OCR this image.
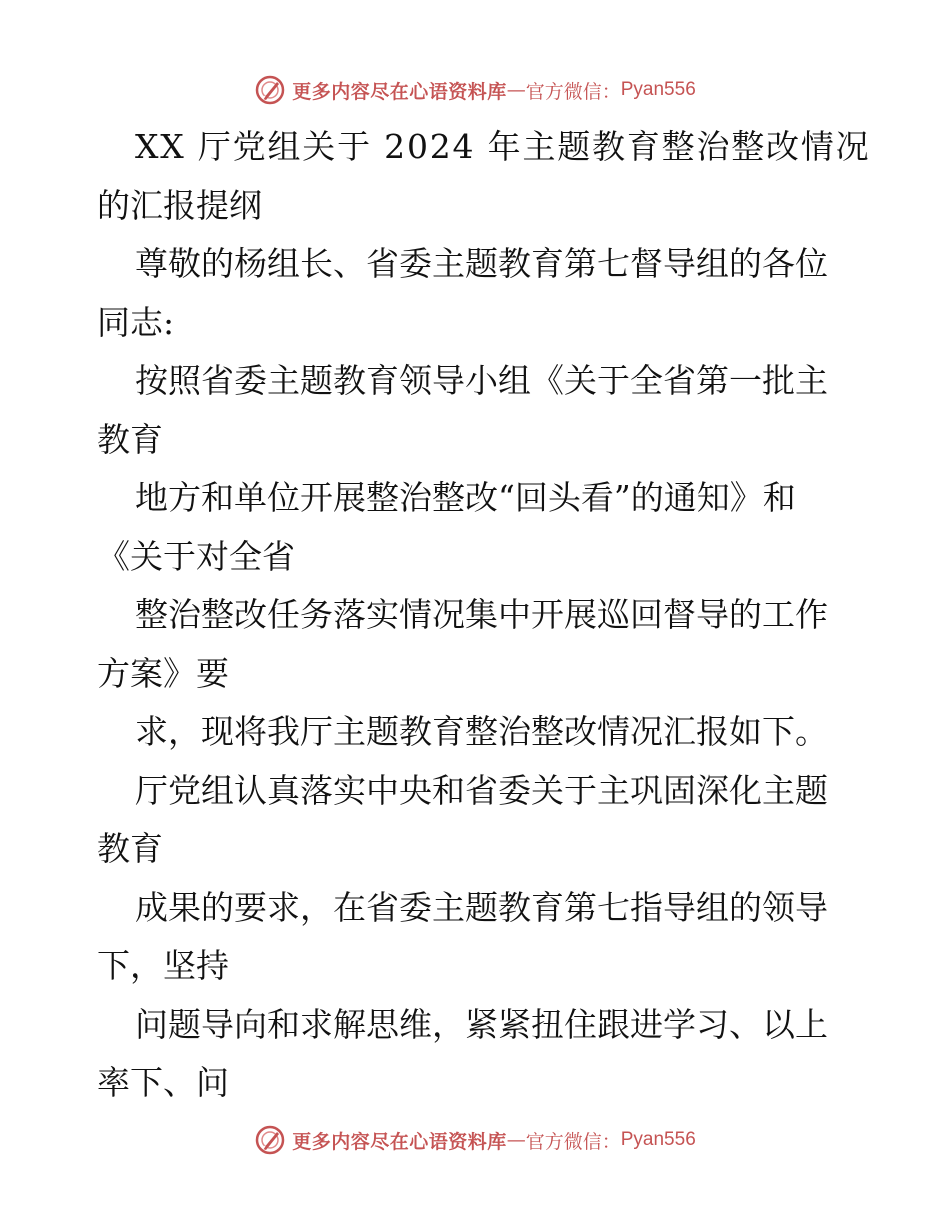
更多内容尽在心语资料库 — 官方微信： Pyan556
XX 厅党组关于 2024 年主题教育整治整改情况
的汇报提纲
尊敬的杨组长、省委主题教育第七督导组的各位
同志:
按照省委主题教育领导小组《关于全省第一批主
教育
地方和单位开展整治整改“回头看”的通知》和
《关于对全省
整治整改任务落实情况集中开展巡回督导的工作
方案》要
求，现将我厅主题教育整治整改情况汇报如下。
厅党组认真落实中央和省委关于主巩固深化主题
教育
成果的要求，在省委主题教育第七指导组的领导
下，坚持
问题导向和求解思维，紧紧扭住跟进学习、以上
率下、问
更多内容尽在心语资料库 — 官方微信： Pyan556
